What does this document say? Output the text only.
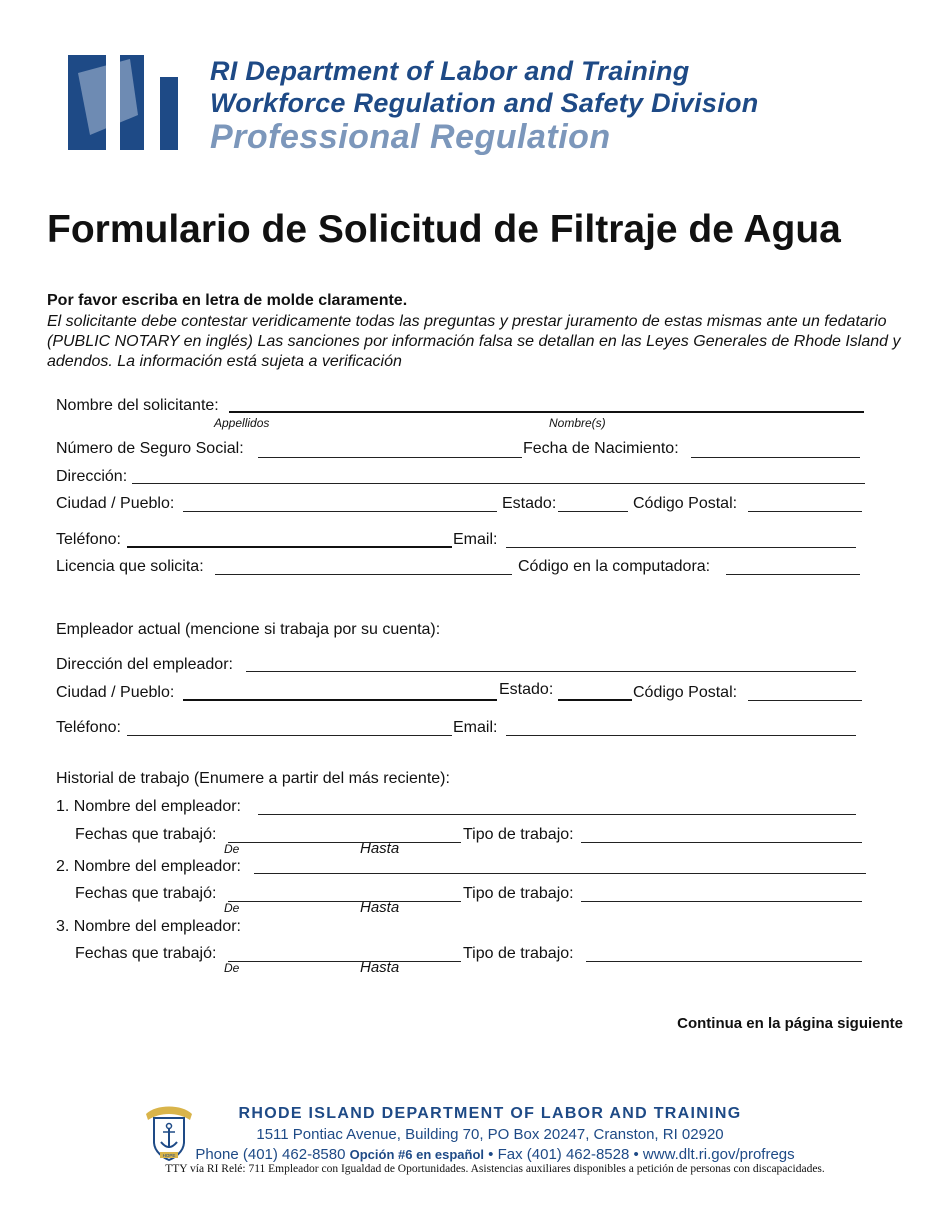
LT
RI Department of Labor and Training
Workforce Regulation and Safety Division
Professional Regulation
Formulario de Solicitud de Filtraje de Agua
Por favor escriba en letra de molde claramente.
El solicitante debe contestar veridicamente todas las preguntas y prestar juramento de estas mismas ante un fedatario (PUBLIC NOTARY en inglés) Las sanciones por información falsa se detallan en las Leyes Generales de Rhode Island y adendos. La información está sujeta a verificación
Nombre del solicitante:
Appellidos	Nombre(s)
Número de Seguro Social:	Fecha de Nacimiento:
Dirección:
Ciudad / Pueblo:	Estado:	Código Postal:
Teléfono:	Email:
Licencia que solicita:	Código en la computadora:
Empleador actual (mencione si trabaja por su cuenta):
Dirección del empleador:
Ciudad / Pueblo:	Estado:	Código Postal:
Teléfono:	Email:
Historial de trabajo (Enumere a partir del más reciente):
1. Nombre del empleador:
Fechas que trabajó:
De	Hasta
Tipo de trabajo:
2. Nombre del empleador:
Fechas que trabajó:
De	Hasta
Tipo de trabajo:
3. Nombre del empleador:
Fechas que trabajó:
De	Hasta
Tipo de trabajo:
Continua en la página siguiente
HOPE
RHODE ISLAND DEPARTMENT OF LABOR AND TRAINING
1511 Pontiac Avenue, Building 70, PO Box 20247, Cranston, RI 02920
Phone (401) 462-8580 Opción #6 en español • Fax (401) 462-8528 • www.dlt.ri.gov/profregs
TTY vía RI Relé: 711 Empleador con Igualdad de Oportunidades. Asistencias auxiliares disponibles a petición de personas con discapacidades.
